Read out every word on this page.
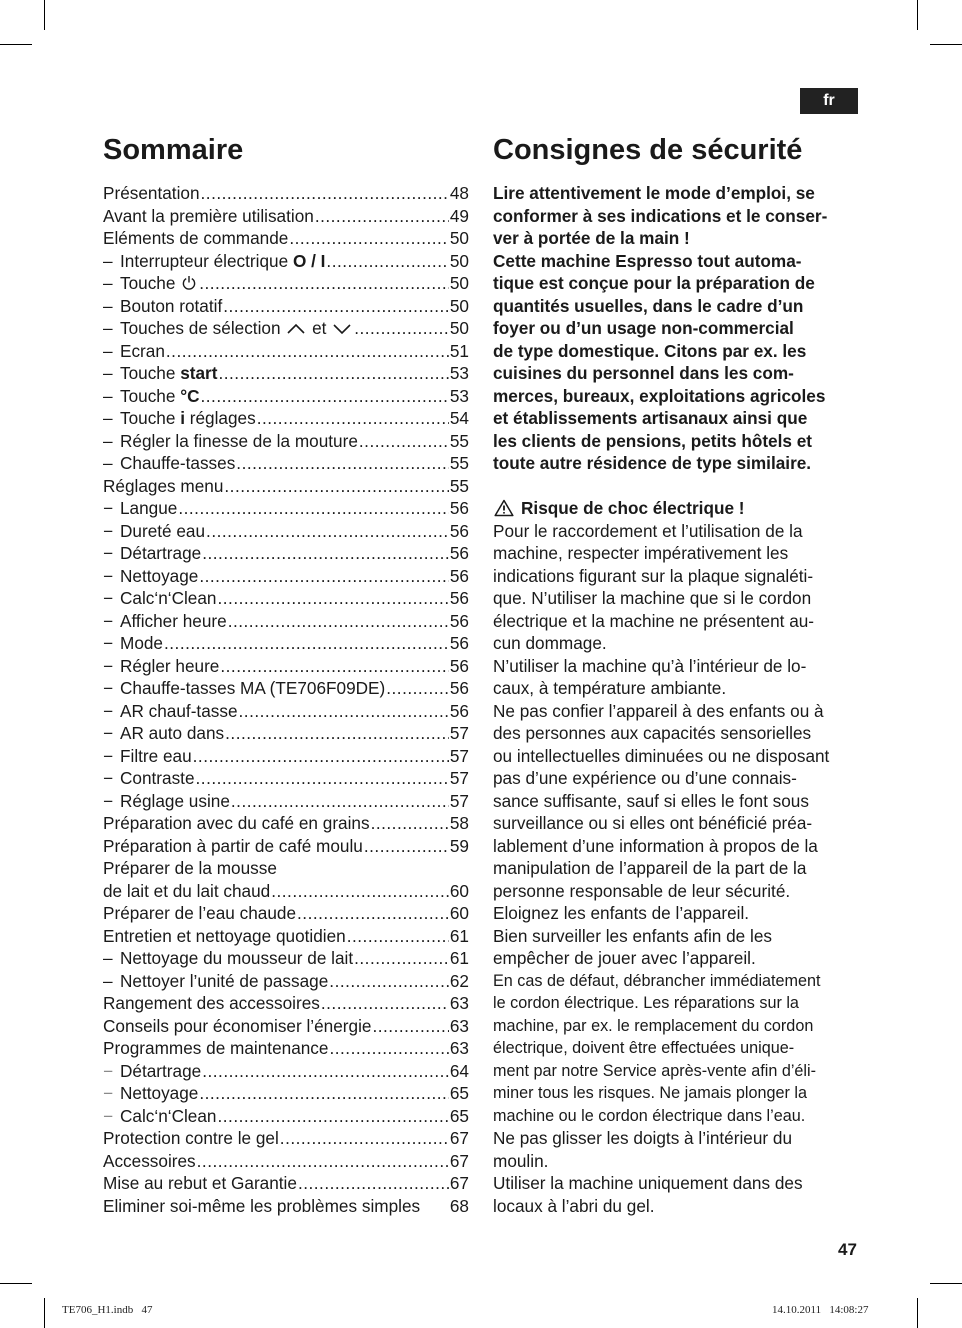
fr
Sommaire
Présentation .....	48
Avant la première utilisation .....	49
Eléments de commande .....	50
– Interrupteur électrique O / I .....	50
– Touche .....	50
– Bouton rotatif .....	50
– Touches de sélection  et .....	50
– Ecran .....	51
– Touche start .....	53
– Touche °C .....	53
– Touche i réglages .....	54
– Régler la finesse de la mouture .....	55
– Chauffe-tasses .....	55
Réglages menu .....	55
− Langue .....	56
− Dureté eau .....	56
− Détartrage .....	56
− Nettoyage .....	56
− Calc‘n‘Clean .....	56
− Afficher heure .....	56
− Mode .....	56
− Régler heure .....	56
− Chauffe-tasses MA (TE706F09DE) .....	56
− AR chauf-tasse .....	56
− AR auto dans .....	57
− Filtre eau .....	57
− Contraste .....	57
− Réglage usine .....	57
Préparation avec du café en grains .....	58
Préparation à partir de café moulu .....	59
Préparer de la mousse
de lait et du lait chaud .....	60
Préparer de l’eau chaude .....	60
Entretien et nettoyage quotidien .....	61
– Nettoyage du mousseur de lait .....	61
– Nettoyer l’unité de passage .....	62
Rangement des accessoires .....	63
Conseils pour économiser l’énergie .....	63
Programmes de maintenance .....	63
− Détartrage .....	64
− Nettoyage .....	65
− Calc‘n‘Clean .....	65
Protection contre le gel .....	67
Accessoires .....	67
Mise au rebut et Garantie .....	67
Eliminer soi-même les problèmes simples 68
Consignes de sécurité
Lire attentivement le mode d’emploi, se
conformer à ses indications et le conser-
ver à portée de la main !
Cette machine Espresso tout automa-
tique est conçue pour la préparation de
quantités usuelles, dans le cadre d’un
foyer ou d’un usage non-commercial
de type domestique. Citons par ex. les
cuisines du personnel dans les com-
merces, bureaux, exploitations agricoles
et établissements artisanaux ainsi que
les clients de pensions, petits hôtels et
toute autre résidence de type similaire.
Risque de choc électrique !
Pour le raccordement et l’utilisation de la
machine, respecter impérativement les
indications figurant sur la plaque signaléti-
que. N’utiliser la machine que si le cordon
électrique et la machine ne présentent au-
cun dommage.
N’utiliser la machine qu’à l’intérieur de lo-
caux, à température ambiante.
Ne pas confier l’appareil à des enfants ou à
des personnes aux capacités sensorielles
ou intellectuelles diminuées ou ne disposant
pas d’une expérience ou d’une connais-
sance suffisante, sauf si elles le font sous
surveillance ou si elles ont bénéficié préa-
lablement d’une information à propos de la
manipulation de l’appareil de la part de la
personne responsable de leur sécurité.
Eloignez les enfants de l’appareil.
Bien surveiller les enfants afin de les
empêcher de jouer avec l’appareil.
En cas de défaut, débrancher immédiatement
le cordon électrique. Les réparations sur la
machine, par ex. le remplacement du cordon
électrique, doivent être effectuées unique-
ment par notre Service après-vente afin d’éli-
miner tous les risques. Ne jamais plonger la
machine ou le cordon électrique dans l’eau.
Ne pas glisser les doigts à l’intérieur du
moulin.
Utiliser la machine uniquement dans des
locaux à l’abri du gel.
47
TE706_H1.indb   47	14.10.2011   14:08:27
